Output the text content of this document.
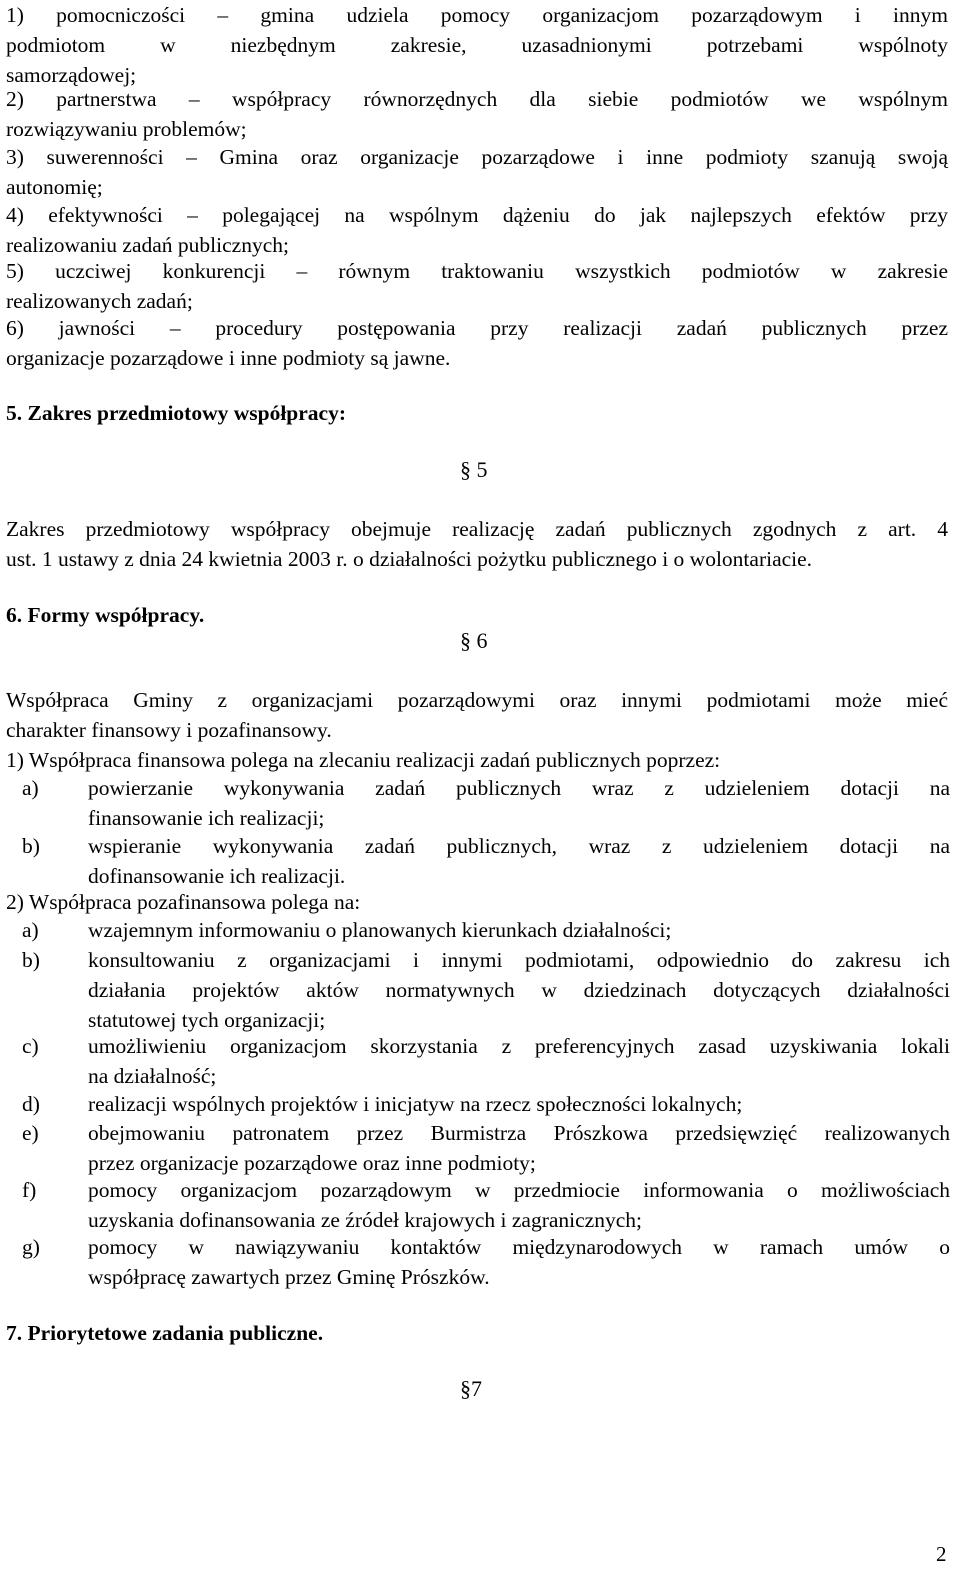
1) pomocniczości – gmina udziela pomocy organizacjom pozarządowym i innym
podmiotom w niezbędnym zakresie, uzasadnionymi potrzebami wspólnoty
samorządowej;
2) partnerstwa – współpracy równorzędnych dla siebie podmiotów we wspólnym
rozwiązywaniu problemów;
3) suwerenności – Gmina oraz organizacje pozarządowe i inne podmioty szanują swoją
autonomię;
4) efektywności – polegającej na wspólnym dążeniu do jak najlepszych efektów przy
realizowaniu zadań publicznych;
5) uczciwej konkurencji – równym traktowaniu wszystkich podmiotów w zakresie
realizowanych zadań;
6) jawności – procedury postępowania przy realizacji zadań publicznych przez
organizacje pozarządowe i inne podmioty są jawne.
5. Zakres przedmiotowy współpracy:
§ 5
Zakres przedmiotowy współpracy obejmuje realizację zadań publicznych zgodnych z art. 4
ust. 1 ustawy z dnia 24 kwietnia 2003 r. o działalności pożytku publicznego i o wolontariacie.
6. Formy współpracy.
§ 6
Współpraca Gminy z organizacjami pozarządowymi oraz innymi podmiotami może mieć
charakter finansowy i pozafinansowy.
1) Współpraca finansowa polega na zlecaniu realizacji zadań publicznych poprzez:
a) powierzanie wykonywania zadań publicznych wraz z udzieleniem dotacji na
finansowanie ich realizacji;
b) wspieranie wykonywania zadań publicznych, wraz z udzieleniem dotacji na
dofinansowanie ich realizacji.
2) Współpraca pozafinansowa polega na:
a) wzajemnym informowaniu o planowanych kierunkach działalności;
b) konsultowaniu z organizacjami i innymi podmiotami, odpowiednio do zakresu ich
działania projektów aktów normatywnych w dziedzinach dotyczących działalności
statutowej tych organizacji;
c) umożliwieniu organizacjom skorzystania z preferencyjnych zasad uzyskiwania lokali
na działalność;
d) realizacji wspólnych projektów i inicjatyw na rzecz społeczności lokalnych;
e) obejmowaniu patronatem przez Burmistrza Prószkowa przedsięwzięć realizowanych
przez organizacje pozarządowe oraz inne podmioty;
f) pomocy organizacjom pozarządowym w przedmiocie informowania o możliwościach
uzyskania dofinansowania ze źródeł krajowych i zagranicznych;
g) pomocy w nawiązywaniu kontaktów międzynarodowych w ramach umów o
współpracę zawartych przez Gminę Prószków.
7. Priorytetowe zadania publiczne.
§7
2
